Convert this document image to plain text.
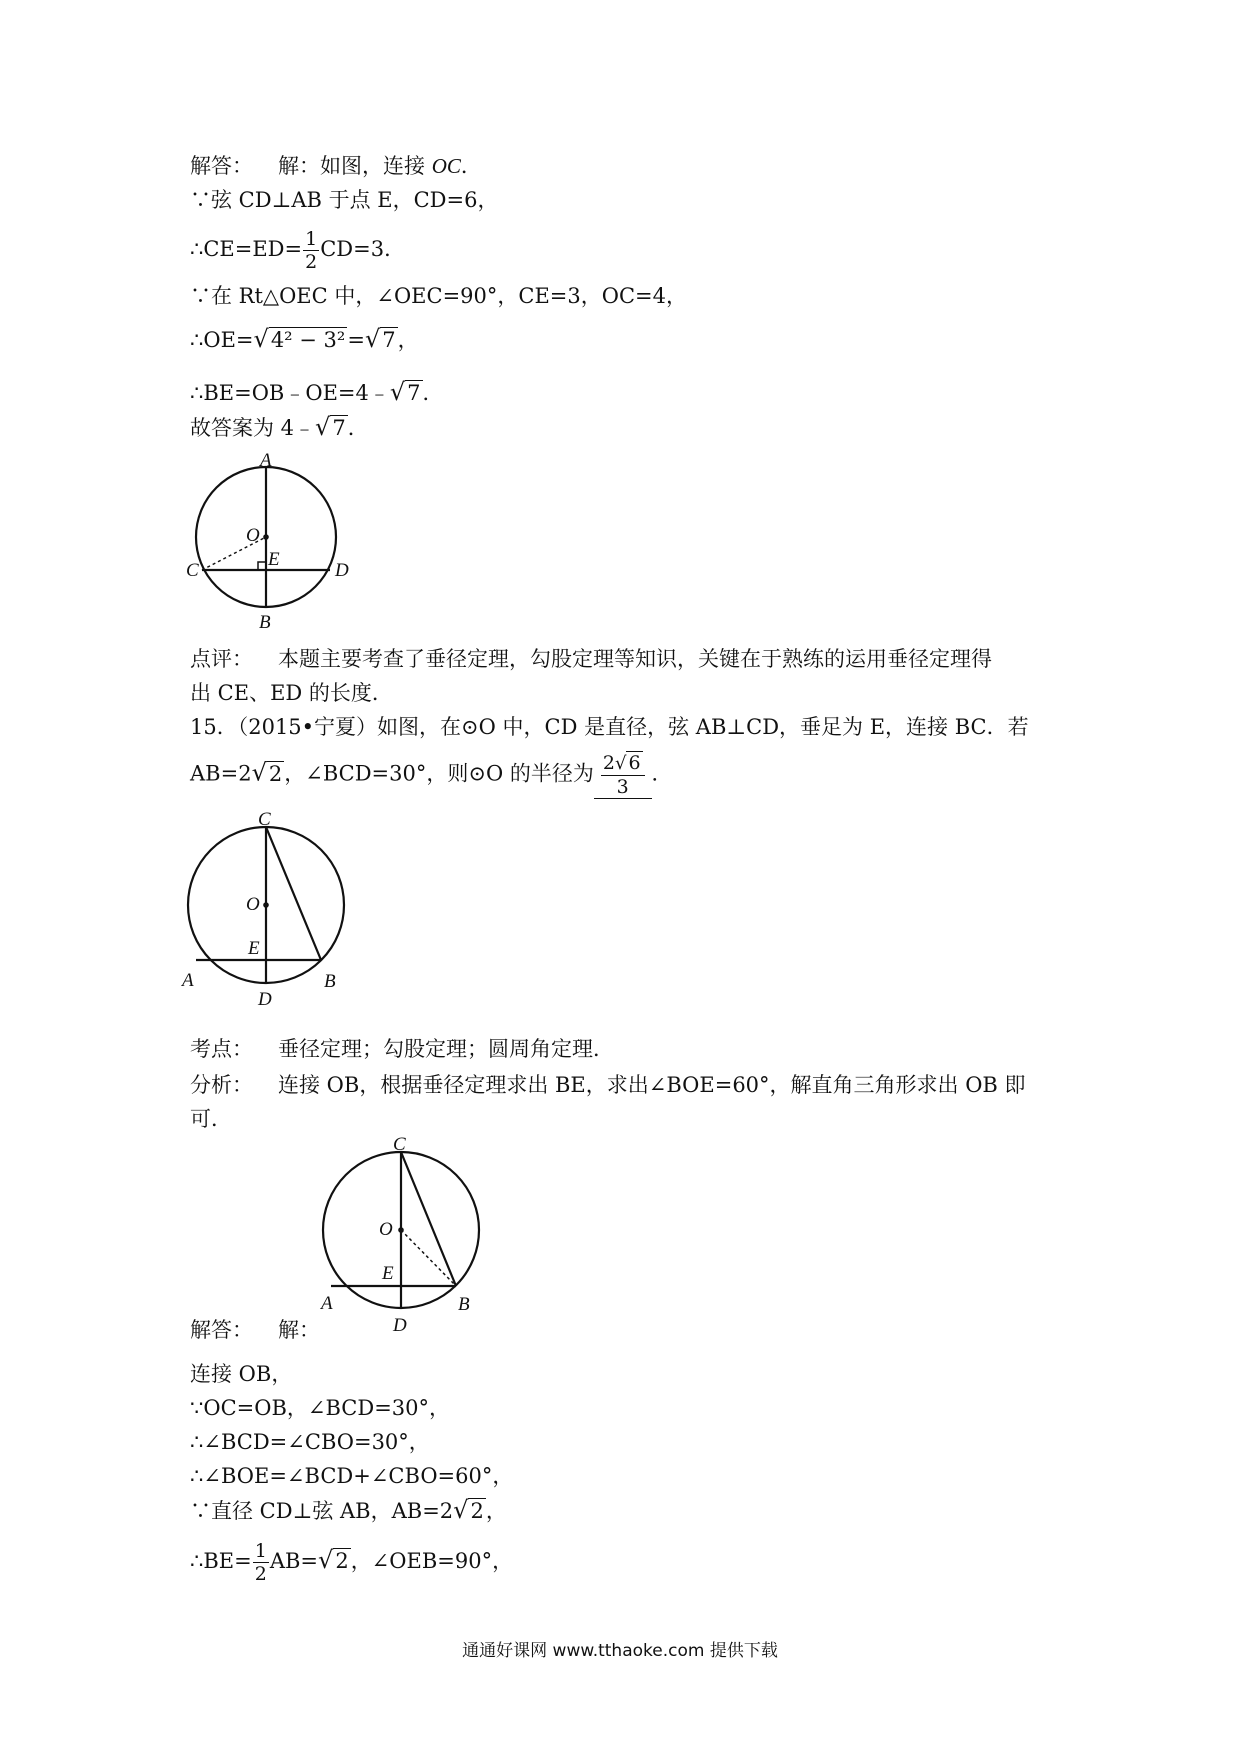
解答： 解：如图，连接 OC．
∵弦 CD⊥AB 于点 E，CD=6，
∴CE=ED= $\frac{1}{2} CD=3$．
∵在 Rt△OEC 中，∠OEC=90°，CE=3，OC=4，
∴OE=√4² − 3²=√7，
∴BE=OB﹣OE=4﹣√7．
故答案为 4﹣√7．
A
B
C	D
E
O
点评： 本题主要考查了垂径定理，勾股定理等知识，关键在于熟练的运用垂径定理得
出 CE、ED 的长度．
15．（2015•宁夏）如图，在⊙O 中，CD 是直径，弦 AB⊥CD，垂足为 E，连接 BC．若
AB=2√2，∠BCD=30°，则⊙O 的半径为 $\frac{2√ 6}{3}$ ．
C
D
A	B
E
O
考点： 垂径定理；勾股定理；圆周角定理．
分析： 连接 OB，根据垂径定理求出 BE，求出∠BOE=60°，解直角三角形求出 OB 即
可．
C
D
A	B
E
O
解答： 解：
连接 OB，
∵OC=OB，∠BCD=30°，
∴∠BCD=∠CBO=30°，
∴∠BOE=∠BCD+∠CBO=60°，
∵直径 CD⊥弦 AB，AB=2√2，
∴BE= $\frac{1}{2} AB=√2$，∠OEB=90°，
通通好课网 www.tthaoke.com 提供下载
